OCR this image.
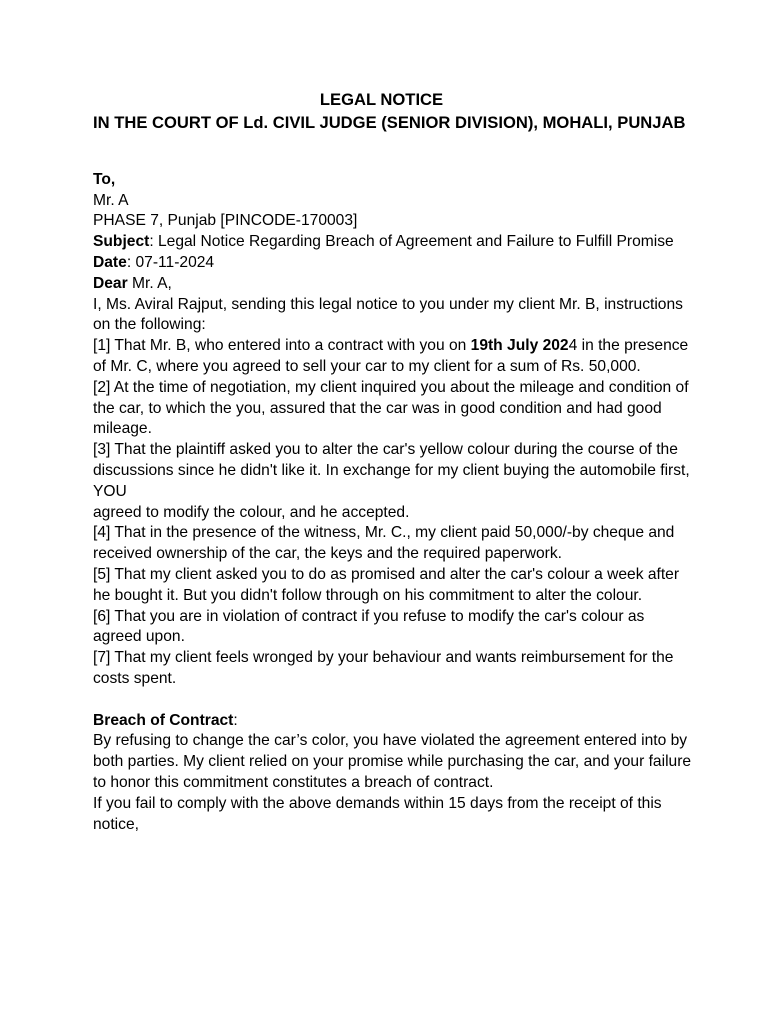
LEGAL NOTICE

IN THE COURT OF Ld. CIVIL JUDGE (SENIOR DIVISION), MOHALI, PUNJAB

To,

Mr. A

PHASE 7, Punjab [PINCODE-170003]

Subject: Legal Notice Regarding Breach of Agreement and Failure to Fulfill Promise

Date: 07-11-2024

Dear Mr. A,

I, Ms. Aviral Rajput, sending this legal notice to you under my client Mr. B, instructions on the following:

[1] That Mr. B, who entered into a contract with you on 19th July 2024 in the presence of Mr. C, where you agreed to sell your car to my client for a sum of Rs. 50,000.

[2] At the time of negotiation, my client inquired you about the mileage and condition of the car, to which the you, assured that the car was in good condition and had good mileage.

[3] That the plaintiff asked you to alter the car's yellow colour during the course of the discussions since he didn't like it. In exchange for my client buying the automobile first, YOU

agreed to modify the colour, and he accepted.

[4] That in the presence of the witness, Mr. C., my client paid 50,000/-by cheque and received ownership of the car, the keys and the required paperwork.

[5] That my client asked you to do as promised and alter the car's colour a week after he bought it. But you didn't follow through on his commitment to alter the colour.

[6] That you are in violation of contract if you refuse to modify the car's colour as agreed upon.

[7] That my client feels wronged by your behaviour and wants reimbursement for the costs spent.

Breach of Contract:

By refusing to change the car’s color, you have violated the agreement entered into by both parties. My client relied on your promise while purchasing the car, and your failure to honor this commitment constitutes a breach of contract.

If you fail to comply with the above demands within 15 days from the receipt of this notice,
